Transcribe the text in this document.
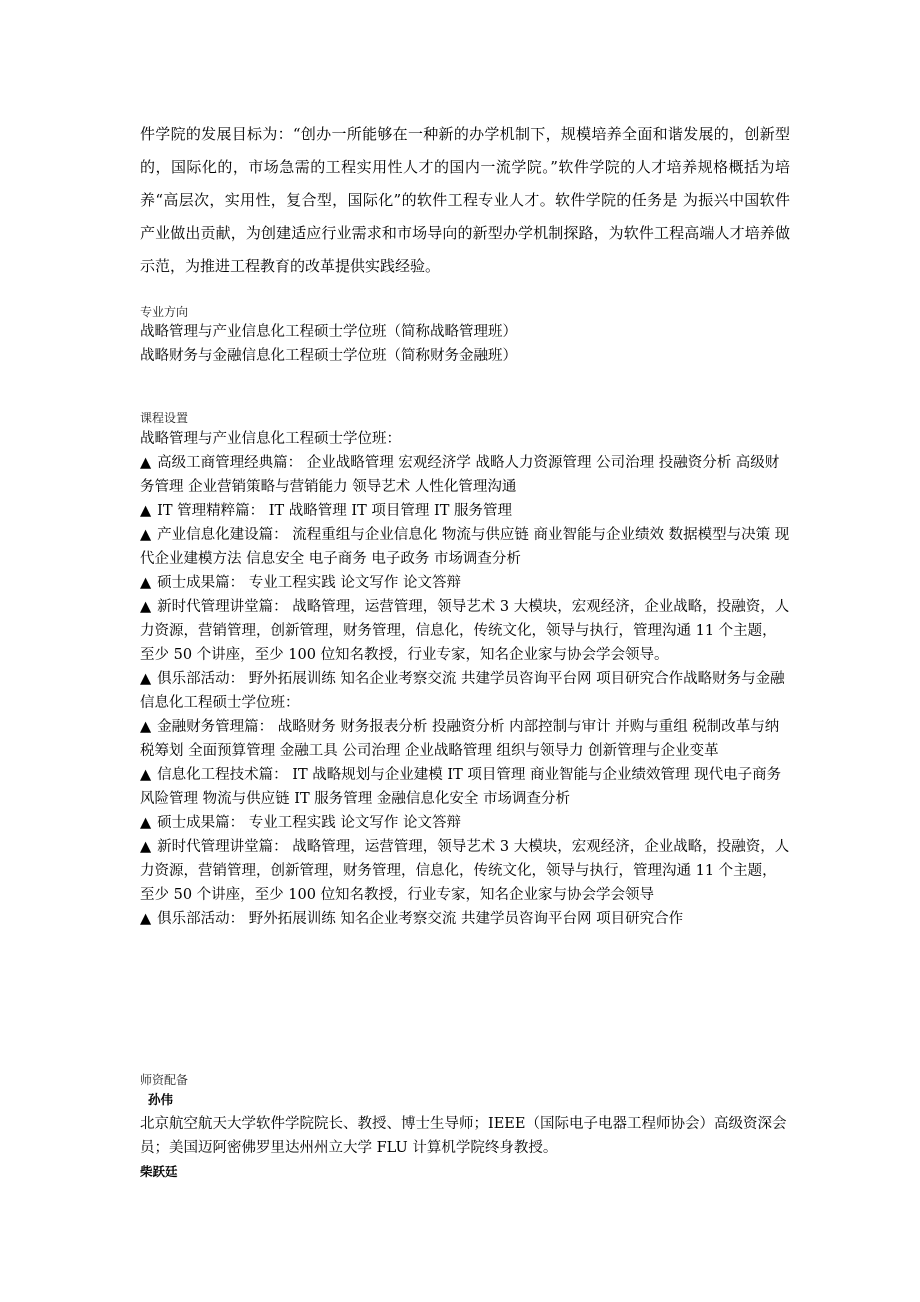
件学院的发展目标为：“创办一所能够在一种新的办学机制下，规模培养全面和谐发展的，创新型的，国际化的，市场急需的工程实用性人才的国内一流学院。”软件学院的人才培养规格概括为培养“高层次，实用性，复合型，国际化”的软件工程专业人才。软件学院的任务是 为振兴中国软件产业做出贡献，为创建适应行业需求和市场导向的新型办学机制探路，为软件工程高端人才培养做示范，为推进工程教育的改革提供实践经验。

专业方向

战略管理与产业信息化工程硕士学位班（简称战略管理班）

战略财务与金融信息化工程硕士学位班（简称财务金融班）

课程设置

战略管理与产业信息化工程硕士学位班：

▲ 高级工商管理经典篇： 企业战略管理 宏观经济学 战略人力资源管理 公司治理 投融资分析 高级财务管理 企业营销策略与营销能力 领导艺术 人性化管理沟通

▲ IT 管理精粹篇： IT 战略管理 IT 项目管理 IT 服务管理

▲ 产业信息化建设篇： 流程重组与企业信息化 物流与供应链 商业智能与企业绩效 数据模型与决策 现代企业建模方法 信息安全 电子商务 电子政务 市场调查分析

▲ 硕士成果篇： 专业工程实践 论文写作 论文答辩

▲ 新时代管理讲堂篇： 战略管理，运营管理，领导艺术 3 大模块，宏观经济，企业战略，投融资，人力资源，营销管理，创新管理，财务管理，信息化，传统文化，领导与执行，管理沟通 11 个主题，至少 50 个讲座，至少 100 位知名教授，行业专家，知名企业家与协会学会领导。

▲ 俱乐部活动： 野外拓展训练 知名企业考察交流 共建学员咨询平台网 项目研究合作战略财务与金融信息化工程硕士学位班：

▲ 金融财务管理篇： 战略财务 财务报表分析 投融资分析 内部控制与审计 并购与重组 税制改革与纳税筹划 全面预算管理 金融工具 公司治理 企业战略管理 组织与领导力 创新管理与企业变革

▲ 信息化工程技术篇： IT 战略规划与企业建模 IT 项目管理 商业智能与企业绩效管理 现代电子商务 风险管理 物流与供应链 IT 服务管理 金融信息化安全 市场调查分析

▲ 硕士成果篇： 专业工程实践 论文写作 论文答辩

▲ 新时代管理讲堂篇： 战略管理，运营管理，领导艺术 3 大模块，宏观经济，企业战略，投融资，人力资源，营销管理，创新管理，财务管理，信息化，传统文化，领导与执行，管理沟通 11 个主题，至少 50 个讲座，至少 100 位知名教授，行业专家，知名企业家与协会学会领导

▲ 俱乐部活动： 野外拓展训练 知名企业考察交流 共建学员咨询平台网 项目研究合作

师资配备
孙伟

北京航空航天大学软件学院院长、教授、博士生导师；IEEE（国际电子电器工程师协会）高级资深会员；美国迈阿密佛罗里达州州立大学 FLU 计算机学院终身教授。

柴跃廷
